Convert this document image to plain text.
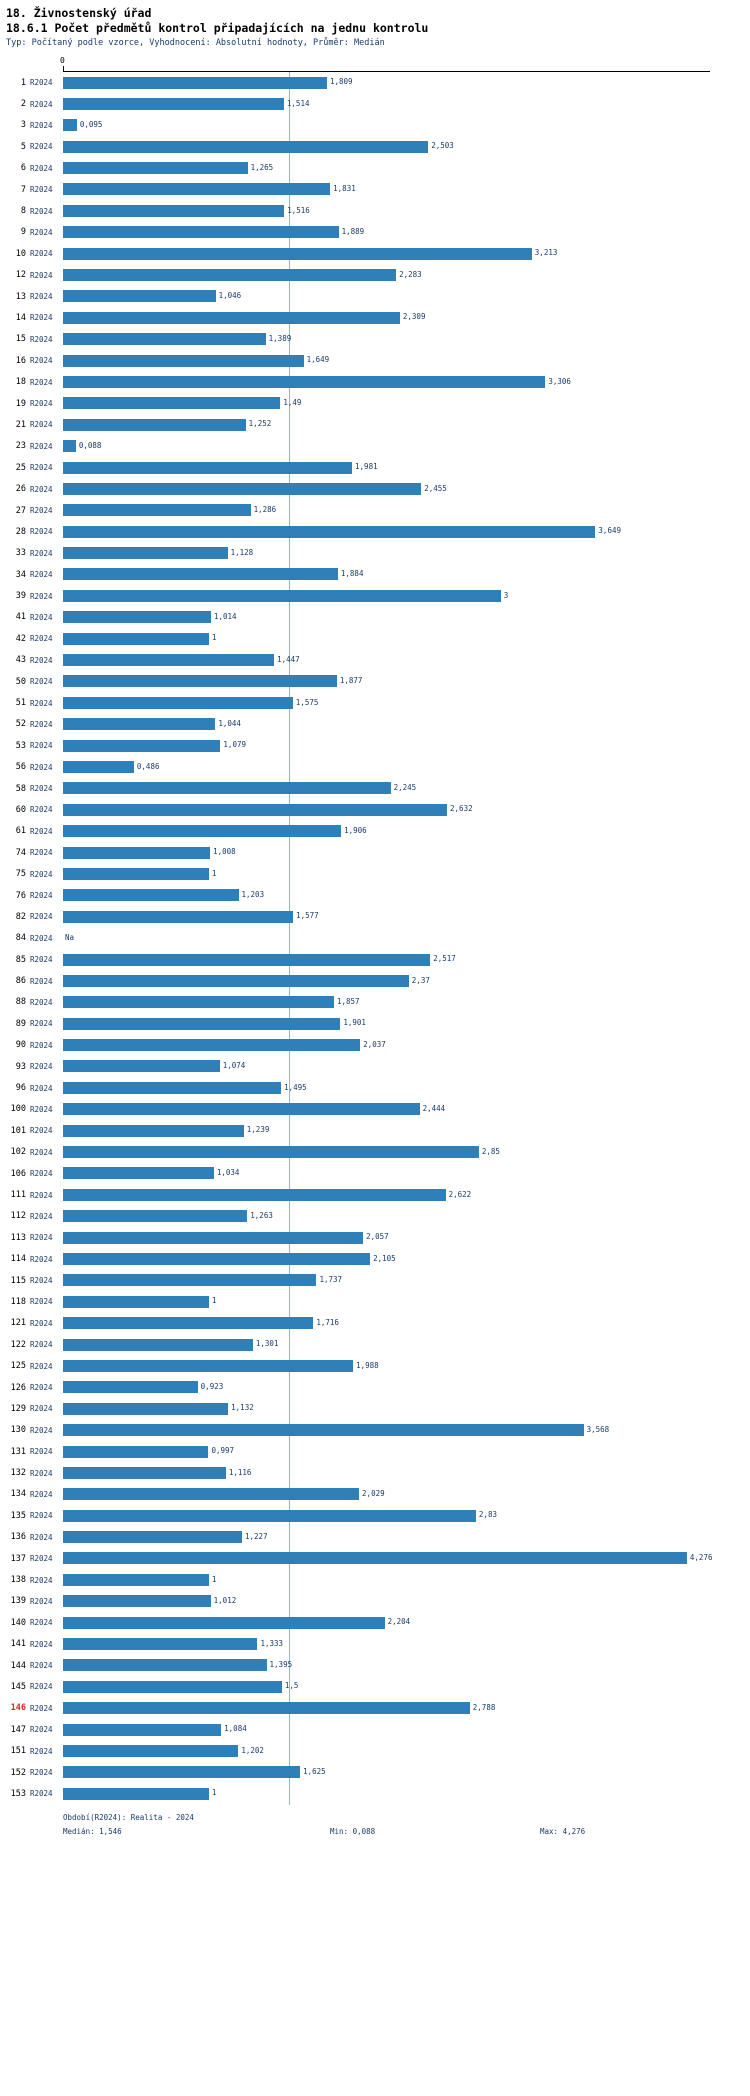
18. Živnostenský úřad
18.6.1 Počet předmětů kontrol připadajících na jednu kontrolu
Typ: Počítaný podle vzorce, Vyhodnocení: Absolutní hodnoty, Průměr: Medián
0
1 R2024	1,809
2 R2024	1,514
3 R2024	0,095
5 R2024	2,503
6 R2024	1,265
7 R2024	1,831
8 R2024	1,516
9 R2024	1,889
10 R2024	3,213
12 R2024	2,283
13 R2024	1,046
14 R2024	2,309
15 R2024	1,389
16 R2024	1,649
18 R2024	3,306
19 R2024	1,49
21 R2024	1,252
23 R2024	0,088
25 R2024	1,981
26 R2024	2,455
27 R2024	1,286
28 R2024	3,649
33 R2024	1,128
34 R2024	1,884
39 R2024	3
41 R2024	1,014
42 R2024	1
43 R2024	1,447
50 R2024	1,877
51 R2024	1,575
52 R2024	1,044
53 R2024	1,079
56 R2024	0,486
58 R2024	2,245
60 R2024	2,632
61 R2024	1,906
74 R2024	1,008
75 R2024	1
76 R2024	1,203
82 R2024	1,577
84 R2024	Na
85 R2024	2,517
86 R2024	2,37
88 R2024	1,857
89 R2024	1,901
90 R2024	2,037
93 R2024	1,074
96 R2024	1,495
100 R2024	2,444
101 R2024	1,239
102 R2024	2,85
106 R2024	1,034
111 R2024	2,622
112 R2024	1,263
113 R2024	2,057
114 R2024	2,105
115 R2024	1,737
118 R2024	1
121 R2024	1,716
122 R2024	1,301
125 R2024	1,988
126 R2024	0,923
129 R2024	1,132
130 R2024	3,568
131 R2024	0,997
132 R2024	1,116
134 R2024	2,029
135 R2024	2,83
136 R2024	1,227
137 R2024	4,276
138 R2024	1
139 R2024	1,012
140 R2024	2,204
141 R2024	1,333
144 R2024	1,395
145 R2024	1,5
146 R2024	2,788
147 R2024	1,084
151 R2024	1,202
152 R2024	1,625
153 R2024	1
Období(R2024): Realita - 2024
Medián: 1,546	Min: 0,088	Max: 4,276
